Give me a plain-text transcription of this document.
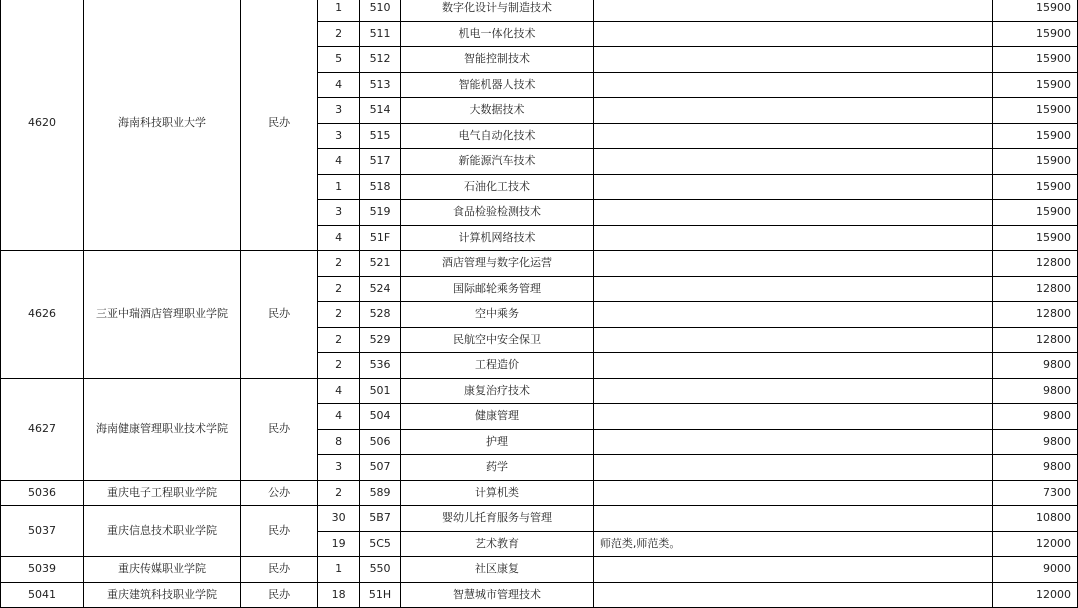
4620	海南科技职业大学	民办	1	510	数字化设计与制造技术		15900
			2	511	机电一体化技术		15900
			5	512	智能控制技术		15900
			4	513	智能机器人技术		15900
			3	514	大数据技术		15900
			3	515	电气自动化技术		15900
			4	517	新能源汽车技术		15900
			1	518	石油化工技术		15900
			3	519	食品检验检测技术		15900
			4	51F	计算机网络技术		15900
4626	三亚中瑞酒店管理职业学院	民办	2	521	酒店管理与数字化运营		12800
			2	524	国际邮轮乘务管理		12800
			2	528	空中乘务		12800
			2	529	民航空中安全保卫		12800
			2	536	工程造价		9800
4627	海南健康管理职业技术学院	民办	4	501	康复治疗技术		9800
			4	504	健康管理		9800
			8	506	护理		9800
			3	507	药学		9800
5036	重庆电子工程职业学院	公办	2	589	计算机类		7300
5037	重庆信息技术职业学院	民办	30	5B7	婴幼儿托育服务与管理		10800
			19	5C5	艺术教育	师范类,师范类。	12000
5039	重庆传媒职业学院	民办	1	550	社区康复		9000
5041	重庆建筑科技职业学院	民办	18	51H	智慧城市管理技术		12000
